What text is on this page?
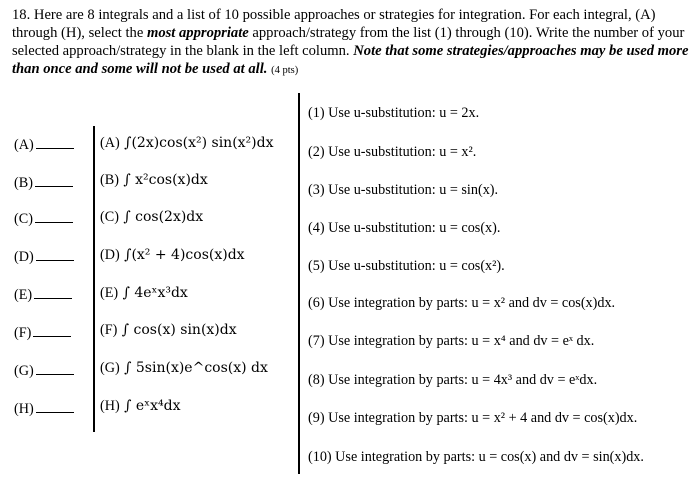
18. Here are 8 integrals and a list of 10 possible approaches or strategies for integration. For each integral, (A) through (H), select the most appropriate approach/strategy from the list (1) through (10). Write the number of your selected approach/strategy in the blank in the left column. Note that some strategies/approaches may be used more than once and some will not be used at all. (4 pts)
(A)
(B)
(C)
(D)
(E)
(F)
(G)
(H)
(A) ∫(2x)cos(x²) sin(x²)dx
(B) ∫ x²cos(x)dx
(C) ∫ cos(2x)dx
(D) ∫(x² + 4)cos(x)dx
(E) ∫ 4eˣx³dx
(F) ∫ cos(x) sin(x)dx
(G) ∫ 5sin(x)e^cos(x) dx
(H) ∫ eˣx⁴dx
(1) Use u-substitution: u = 2x.
(2) Use u-substitution: u = x².
(3) Use u-substitution: u = sin(x).
(4) Use u-substitution: u = cos(x).
(5) Use u-substitution: u = cos(x²).
(6) Use integration by parts: u = x² and dv = cos(x)dx.
(7) Use integration by parts: u = x⁴ and dv = eˣ dx.
(8) Use integration by parts: u = 4x³ and dv = eˣdx.
(9) Use integration by parts: u = x² + 4 and dv = cos(x)dx.
(10) Use integration by parts: u = cos(x) and dv = sin(x)dx.
